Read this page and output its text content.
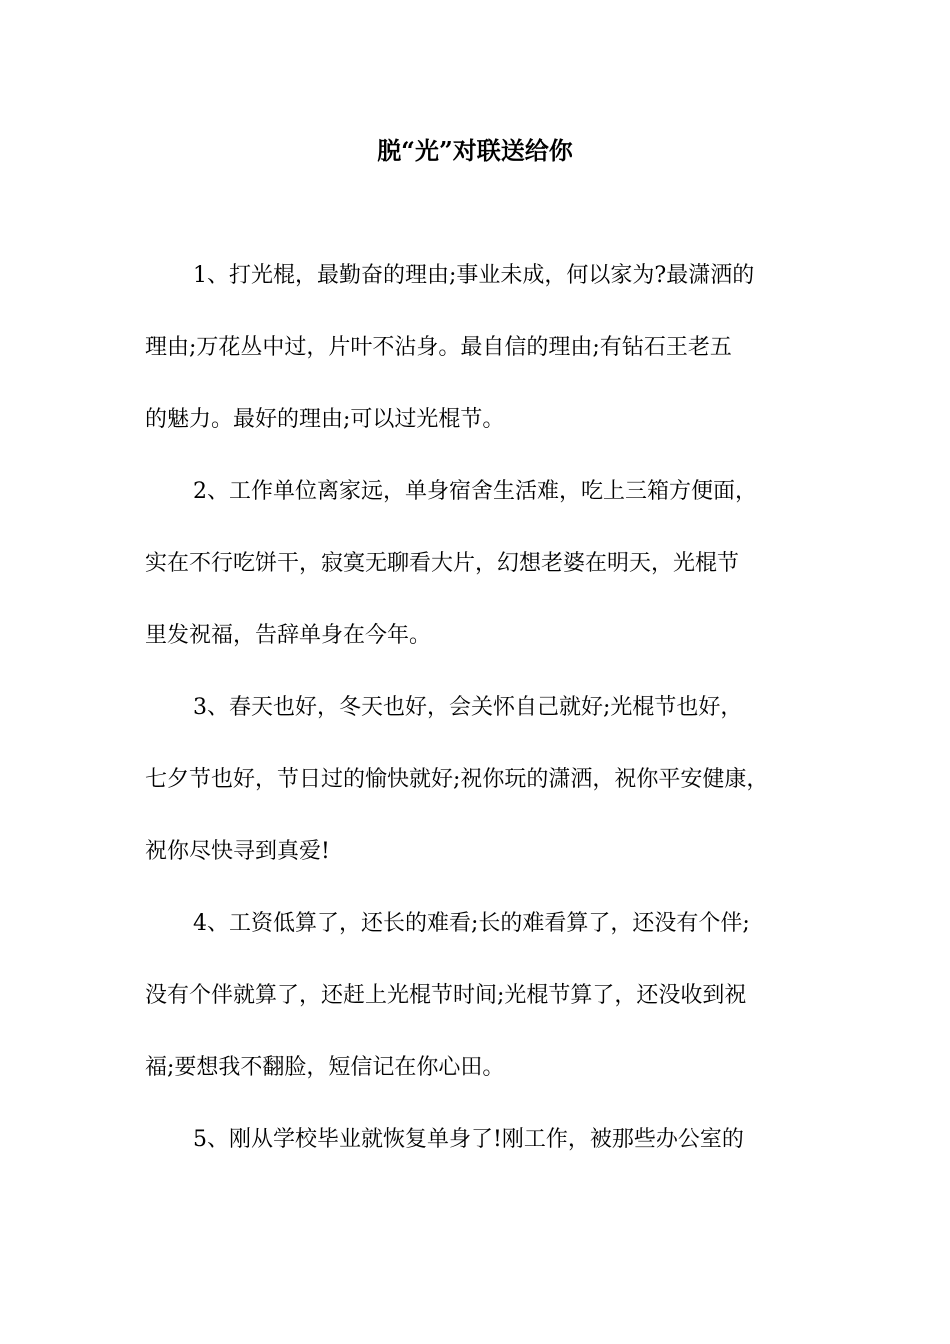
脱“光”对联送给你
1、打光棍，最勤奋的理由;事业未成，何以家为?最潇洒的
理由;万花丛中过，片叶不沾身。最自信的理由;有钻石王老五
的魅力。最好的理由;可以过光棍节。
2、工作单位离家远，单身宿舍生活难，吃上三箱方便面，
实在不行吃饼干，寂寞无聊看大片，幻想老婆在明天，光棍节
里发祝福，告辞单身在今年。
3、春天也好，冬天也好，会关怀自己就好;光棍节也好，
七夕节也好，节日过的愉快就好;祝你玩的潇洒，祝你平安健康，
祝你尽快寻到真爱!
4、工资低算了，还长的难看;长的难看算了，还没有个伴;
没有个伴就算了，还赶上光棍节时间;光棍节算了，还没收到祝
福;要想我不翻脸，短信记在你心田。
5、刚从学校毕业就恢复单身了!刚工作，被那些办公室的
